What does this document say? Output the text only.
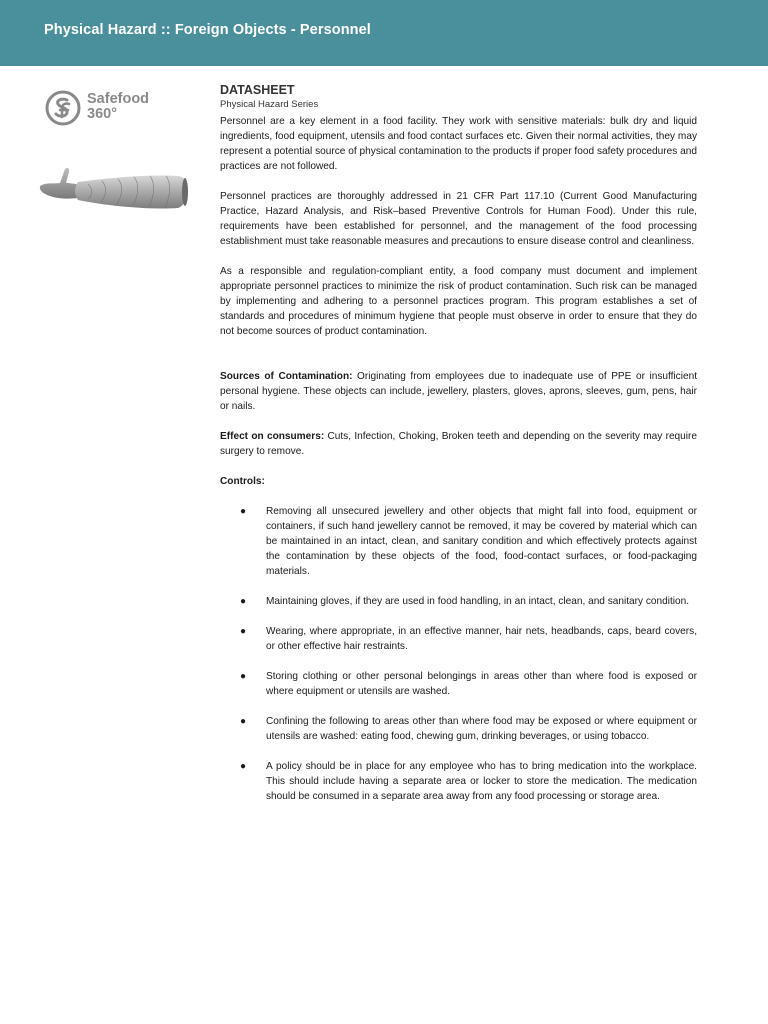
Physical Hazard :: Foreign Objects - Personnel
Safefood
360°
DATASHEET
Physical Hazard Series

Personnel are a key element in a food facility. They work with sensitive materials: bulk dry and liquid ingredients, food equipment, utensils and food contact surfaces etc. Given their normal activities, they may represent a potential source of physical contamination to the products if proper food safety procedures and practices are not followed.

Personnel practices are thoroughly addressed in 21 CFR Part 117.10 (Current Good Manufacturing Practice, Hazard Analysis, and Risk–based Preventive Controls for Human Food). Under this rule, requirements have been established for personnel, and the management of the food processing establishment must take reasonable measures and precautions to ensure disease control and cleanliness.

As a responsible and regulation-compliant entity, a food company must document and implement appropriate personnel practices to minimize the risk of product contamination. Such risk can be managed by implementing and adhering to a personnel practices program. This program establishes a set of standards and procedures of minimum hygiene that people must observe in order to ensure that they do not become sources of product contamination.

Sources of Contamination: Originating from employees due to inadequate use of PPE or insufficient personal hygiene. These objects can include, jewellery, plasters, gloves, aprons, sleeves, gum, pens, hair or nails.

Effect on consumers: Cuts, Infection, Choking, Broken teeth and depending on the severity may require surgery to remove.

Controls:
● Removing all unsecured jewellery and other objects that might fall into food, equipment or containers, if such hand jewellery cannot be removed, it may be covered by material which can be maintained in an intact, clean, and sanitary condition and which effectively protects against the contamination by these objects of the food, food-contact surfaces, or food-packaging materials.
● Maintaining gloves, if they are used in food handling, in an intact, clean, and sanitary condition.
● Wearing, where appropriate, in an effective manner, hair nets, headbands, caps, beard covers, or other effective hair restraints.
● Storing clothing or other personal belongings in areas other than where food is exposed or where equipment or utensils are washed.
● Confining the following to areas other than where food may be exposed or where equipment or utensils are washed: eating food, chewing gum, drinking beverages, or using tobacco.
● A policy should be in place for any employee who has to bring medication into the workplace. This should include having a separate area or locker to store the medication. The medication should be consumed in a separate area away from any food processing or storage area.
